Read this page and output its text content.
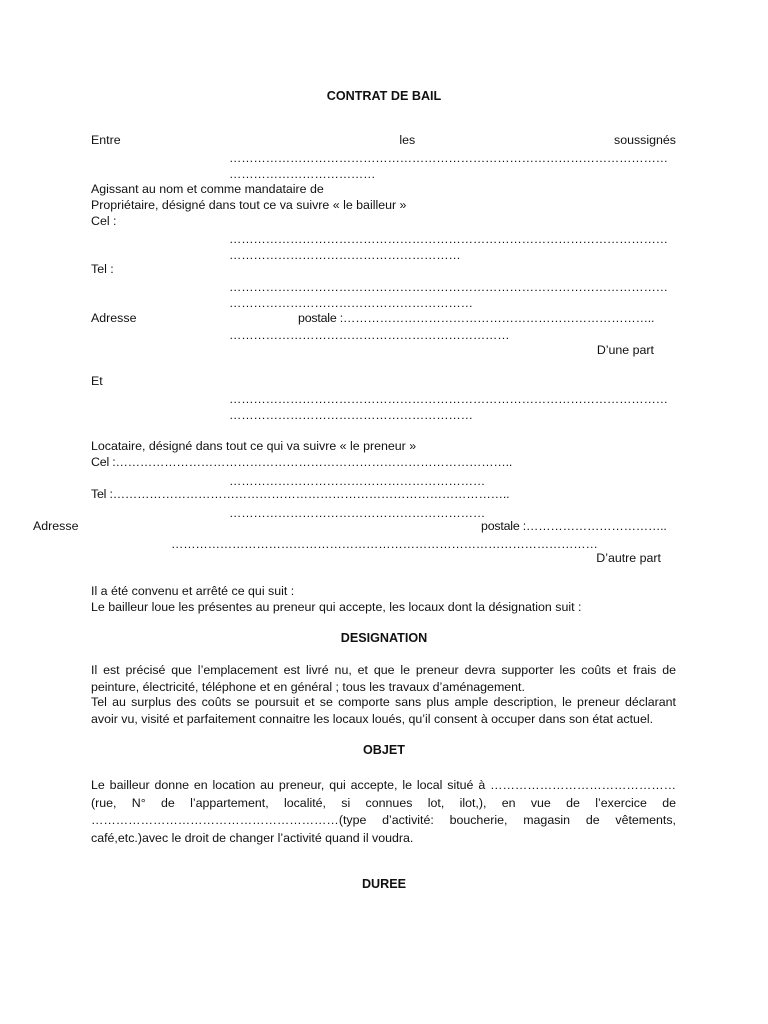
CONTRAT DE BAIL
Entre	les	soussignés
………………………………………………………………………………………………
………………………………
Agissant au nom et comme mandataire de
Propriétaire, désigné dans tout ce va suivre « le bailleur »
Cel :
………………………………………………………………………………………………
…………………………………………………
Tel :
………………………………………………………………………………………………
……………………………………………………
Adresse	postale :…………………………………………………………………..
……………………………………………………………
D’une part
Et
………………………………………………………………………………………………
……………………………………………………
Locataire, désigné dans tout ce qui va suivre « le preneur »
Cel :……………………………………………………………………………………..
………………………………………………………
Tel :……………………………………………………………………………………..
………………………………………………………
Adresse	postale :……………………………..
……………………………………………………………………………………………
D’autre part
Il a été convenu et arrêté ce qui suit :
Le bailleur loue les présentes au preneur qui accepte, les locaux dont la désignation suit :
DESIGNATION
Il est précisé que l’emplacement est livré nu, et que le preneur devra supporter les coûts et frais de peinture, électricité, téléphone et en général ; tous les travaux d’aménagement.
Tel au surplus des coûts se poursuit et se comporte sans plus ample description, le preneur déclarant avoir vu, visité et parfaitement connaitre les locaux loués, qu’il consent à occuper dans son état actuel.
OBJET
Le bailleur donne en location au preneur, qui accepte, le local situé à ……………………………………… (rue, N° de l’appartement, localité, si connues lot, ilot,), en vue de l’exercice de ……………………………………………………(type d’activité: boucherie, magasin de vêtements, café,etc.)avec le droit de changer l’activité quand il voudra.
DUREE
